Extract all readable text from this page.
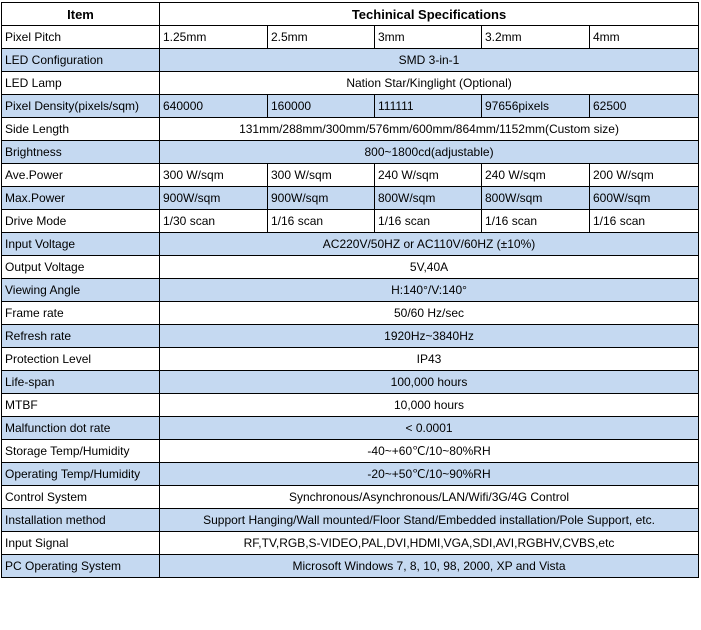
Item	Techinical Specifications				
Pixel Pitch	1.25mm	2.5mm	3mm	3.2mm	4mm
LED Configuration	SMD 3-in-1				
LED Lamp	Nation Star/Kinglight (Optional)				
Pixel Density(pixels/sqm)	640000	160000	111111	97656pixels	62500
Side Length	131mm/288mm/300mm/576mm/600mm/864mm/1152mm(Custom size)				
Brightness	800~1800cd(adjustable)				
Ave.Power	300 W/sqm	300 W/sqm	240 W/sqm	240 W/sqm	200 W/sqm
Max.Power	900W/sqm	900W/sqm	800W/sqm	800W/sqm	600W/sqm
Drive Mode	1/30 scan	1/16 scan	1/16 scan	1/16 scan	1/16 scan
Input Voltage	AC220V/50HZ or AC110V/60HZ (±10%)				
Output Voltage	5V,40A				
Viewing Angle	H:140°/V:140°				
Frame rate	50/60 Hz/sec				
Refresh rate	1920Hz~3840Hz				
Protection Level	IP43				
Life-span	100,000 hours				
MTBF	10,000 hours				
Malfunction dot rate	< 0.0001				
Storage Temp/Humidity	-40~+60℃/10~80%RH				
Operating Temp/Humidity	-20~+50℃/10~90%RH				
Control System	Synchronous/Asynchronous/LAN/Wifi/3G/4G Control				
Installation method	Support Hanging/Wall mounted/Floor Stand/Embedded installation/Pole Support, etc.				
Input Signal	RF,TV,RGB,S-VIDEO,PAL,DVI,HDMI,VGA,SDI,AVI,RGBHV,CVBS,etc				
PC Operating System	Microsoft Windows 7, 8, 10, 98, 2000, XP and Vista				
